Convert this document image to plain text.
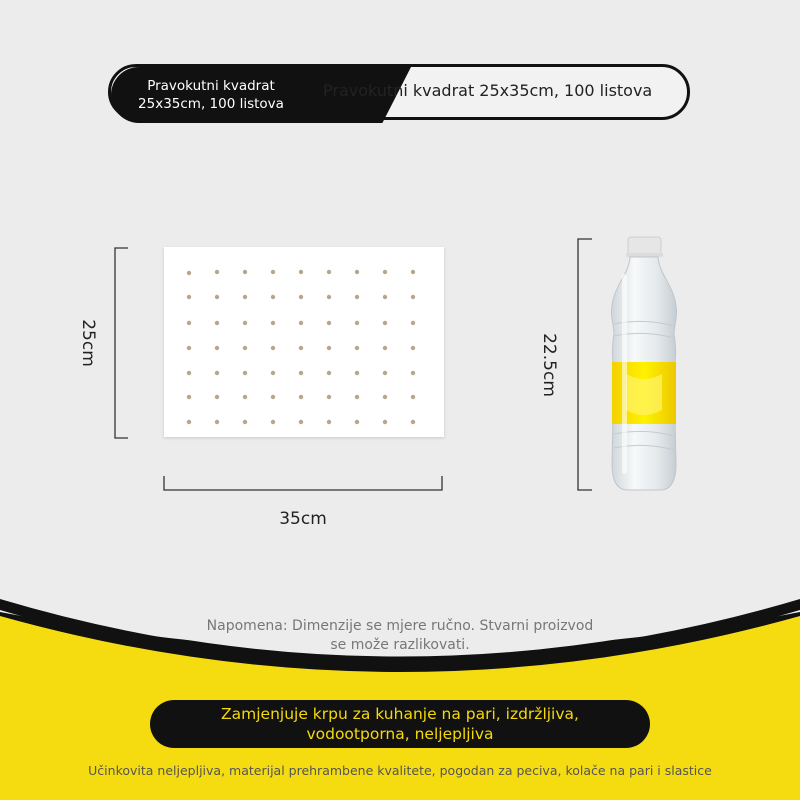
Pravokutni kvadrat
25x35cm, 100 listova
Pravokutni kvadrat 25x35cm, 100 listova
25cm
35cm
22.5cm
Napomena: Dimenzije se mjere ručno. Stvarni proizvod
se može razlikovati.
Zamjenjuje krpu za kuhanje na pari, izdržljiva,
vodootporna, neljepljiva
Učinkovita neljepljiva, materijal prehrambene kvalitete, pogodan za peciva, kolače na pari i slastice
